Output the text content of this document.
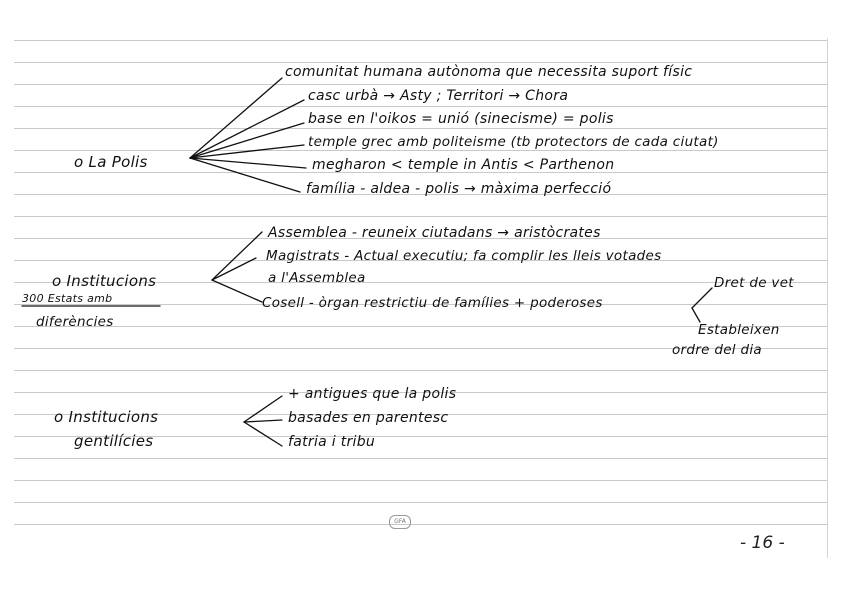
o La Polis
comunitat humana autònoma que necessita suport físic
casc urbà → Asty ; Territori → Chora
base en l'oikos = unió (sinecisme) = polis
temple grec amb politeisme (tb protectors de cada ciutat)
megharon < temple in Antis < Parthenon
família - aldea - polis → màxima perfecció
o Institucions
300 Estats amb
diferències
Assemblea - reuneix ciutadans → aristòcrates
Magistrats - Actual executiu; fa complir les lleis votades
a l'Assemblea
Cosell - òrgan restrictiu de famílies + poderoses
Dret de vet
Estableixen
ordre del dia
o Institucions
gentilícies
+ antigues que la polis
basades en parentesc
fatria i tribu
GFA
- 16 -
